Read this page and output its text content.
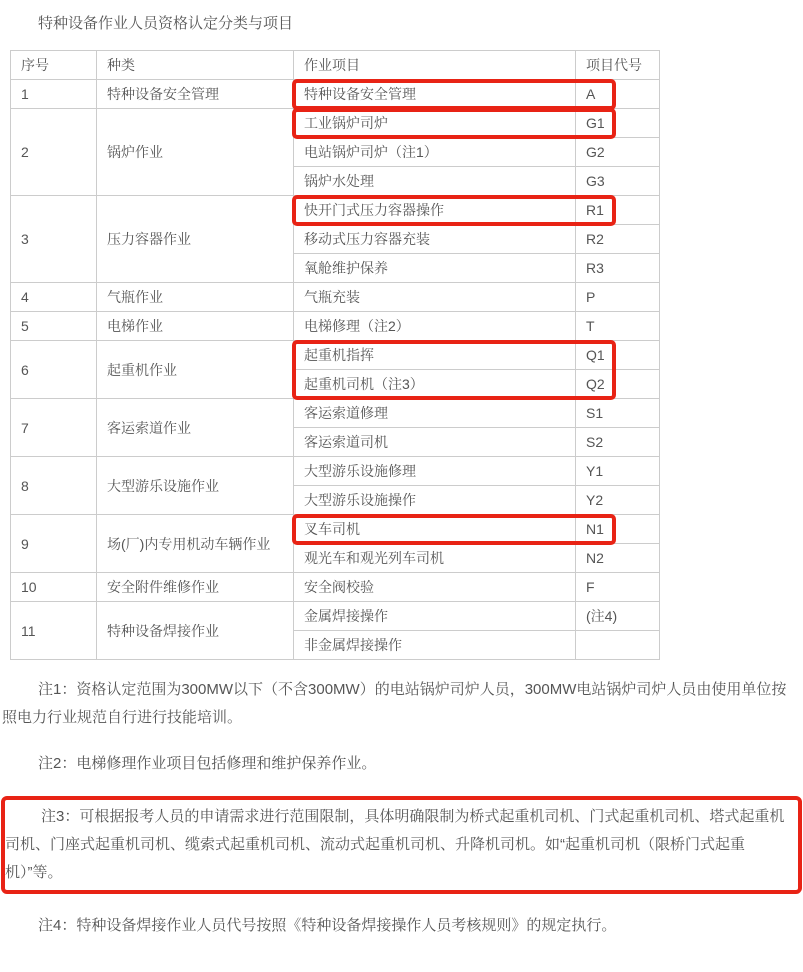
特种设备作业人员资格认定分类与项目

序号	种类	作业项目	项目代号
1	特种设备安全管理	特种设备安全管理	A
2	锅炉作业	工业锅炉司炉	G1
		电站锅炉司炉（注1）	G2
		锅炉水处理	G3
3	压力容器作业	快开门式压力容器操作	R1
		移动式压力容器充装	R2
		氧舱维护保养	R3
4	气瓶作业	气瓶充装	P
5	电梯作业	电梯修理（注2）	T
6	起重机作业	起重机指挥	Q1
		起重机司机（注3）	Q2
7	客运索道作业	客运索道修理	S1
		客运索道司机	S2
8	大型游乐设施作业	大型游乐设施修理	Y1
		大型游乐设施操作	Y2
9	场(厂)内专用机动车辆作业	叉车司机	N1
		观光车和观光列车司机	N2
10	安全附件维修作业	安全阀校验	F
11	特种设备焊接作业	金属焊接操作	(注4)
		非金属焊接操作	

注1：资格认定范围为300MW以下（不含300MW）的电站锅炉司炉人员，300MW电站锅炉司炉人员由使用单位按照电力行业规范自行进行技能培训。

注2：电梯修理作业项目包括修理和维护保养作业。

注3：可根据报考人员的申请需求进行范围限制，具体明确限制为桥式起重机司机、门式起重机司机、塔式起重机司机、门座式起重机司机、缆索式起重机司机、流动式起重机司机、升降机司机。如“起重机司机（限桥门式起重机）”等。

注4：特种设备焊接作业人员代号按照《特种设备焊接操作人员考核规则》的规定执行。
